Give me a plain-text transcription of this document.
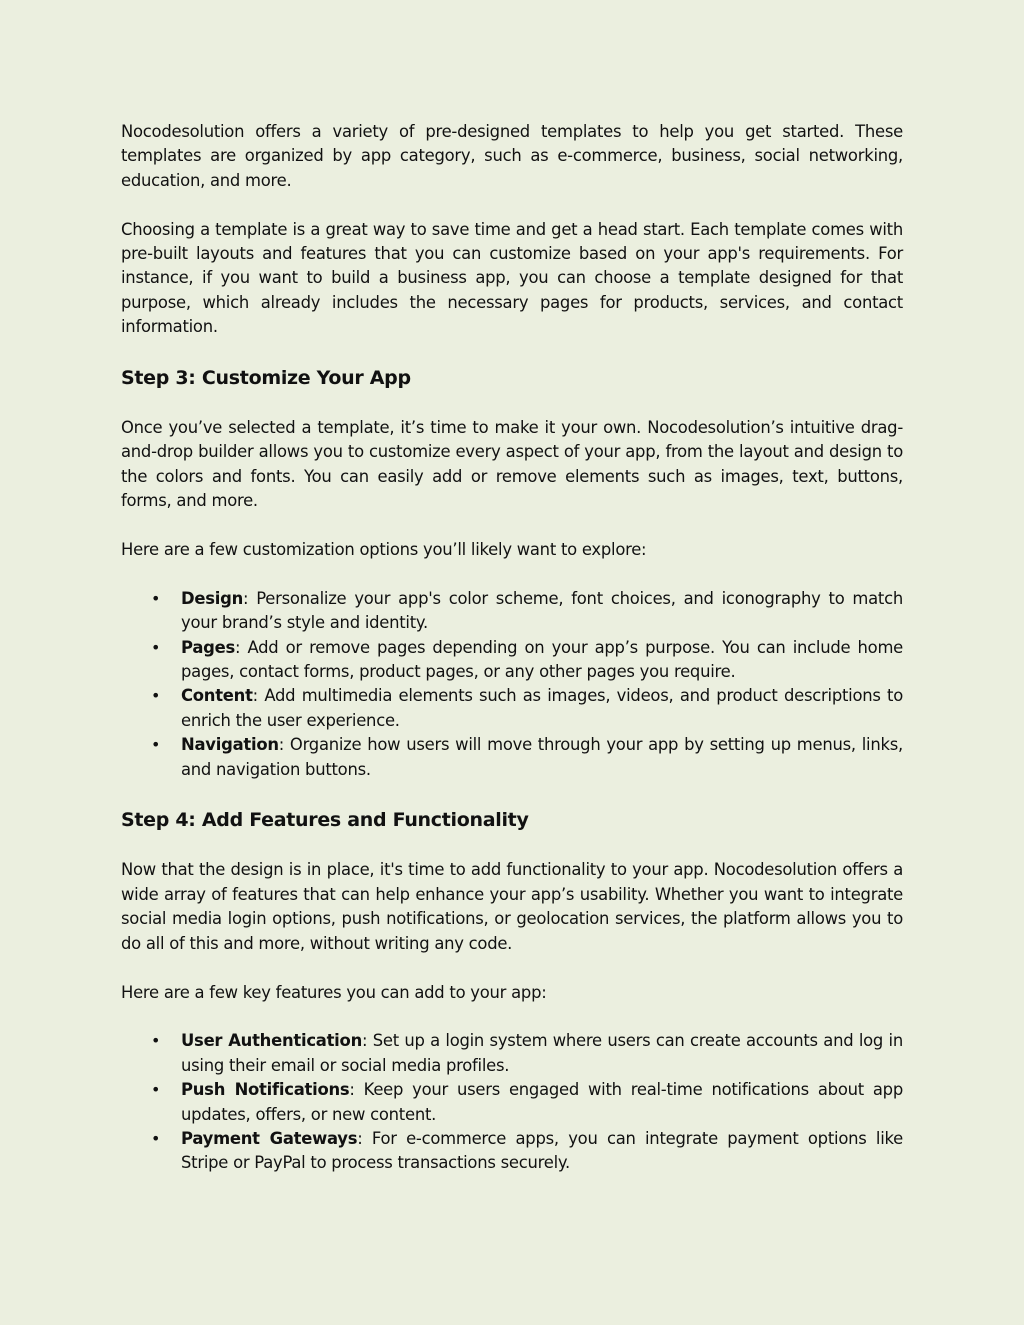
Nocodesolution offers a variety of pre-designed templates to help you get started. These templates are organized by app category, such as e-commerce, business, social networking, education, and more.

Choosing a template is a great way to save time and get a head start. Each template comes with pre-built layouts and features that you can customize based on your app's requirements. For instance, if you want to build a business app, you can choose a template designed for that purpose, which already includes the necessary pages for products, services, and contact information.

Step 3: Customize Your App

Once you’ve selected a template, it’s time to make it your own. Nocodesolution’s intuitive drag-and-drop builder allows you to customize every aspect of your app, from the layout and design to the colors and fonts. You can easily add or remove elements such as images, text, buttons, forms, and more.

Here are a few customization options you’ll likely want to explore:

• Design: Personalize your app's color scheme, font choices, and iconography to match your brand’s style and identity.
• Pages: Add or remove pages depending on your app’s purpose. You can include home pages, contact forms, product pages, or any other pages you require.
• Content: Add multimedia elements such as images, videos, and product descriptions to enrich the user experience.
• Navigation: Organize how users will move through your app by setting up menus, links, and navigation buttons.
Step 4: Add Features and Functionality

Now that the design is in place, it's time to add functionality to your app. Nocodesolution offers a wide array of features that can help enhance your app’s usability. Whether you want to integrate social media login options, push notifications, or geolocation services, the platform allows you to do all of this and more, without writing any code.

Here are a few key features you can add to your app:

• User Authentication: Set up a login system where users can create accounts and log in using their email or social media profiles.
• Push Notifications: Keep your users engaged with real-time notifications about app updates, offers, or new content.
• Payment Gateways: For e-commerce apps, you can integrate payment options like Stripe or PayPal to process transactions securely.
